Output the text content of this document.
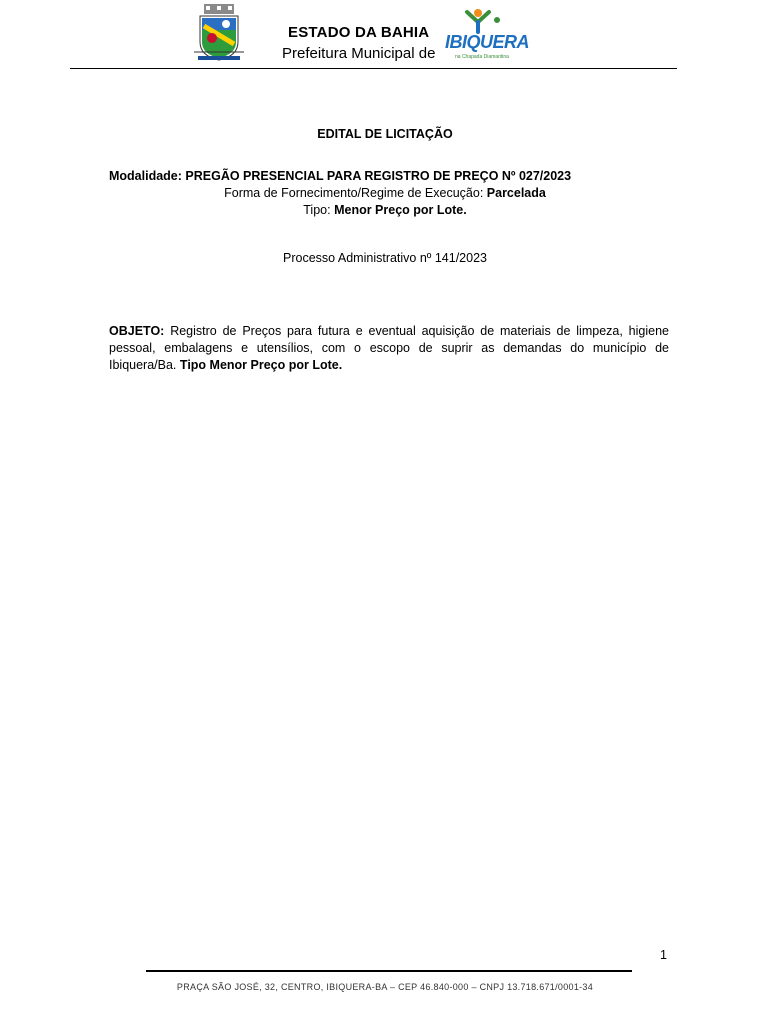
ESTADO DA BAHIA
Prefeitura Municipal de
IBIQUERA
na Chapada Diamantina
EDITAL DE LICITAÇÃO
Modalidade: PREGÃO PRESENCIAL PARA REGISTRO DE PREÇO Nº 027/2023
Forma de Fornecimento/Regime de Execução: Parcelada
Tipo: Menor Preço por Lote.
Processo Administrativo nº 141/2023
OBJETO: Registro de Preços para futura e eventual aquisição de materiais de limpeza, higiene pessoal, embalagens e utensílios, com o escopo de suprir as demandas do município de Ibiquera/Ba. Tipo Menor Preço por Lote.
1
PRAÇA SÃO JOSÉ, 32, CENTRO, IBIQUERA-BA – CEP 46.840-000 – CNPJ 13.718.671/0001-34
